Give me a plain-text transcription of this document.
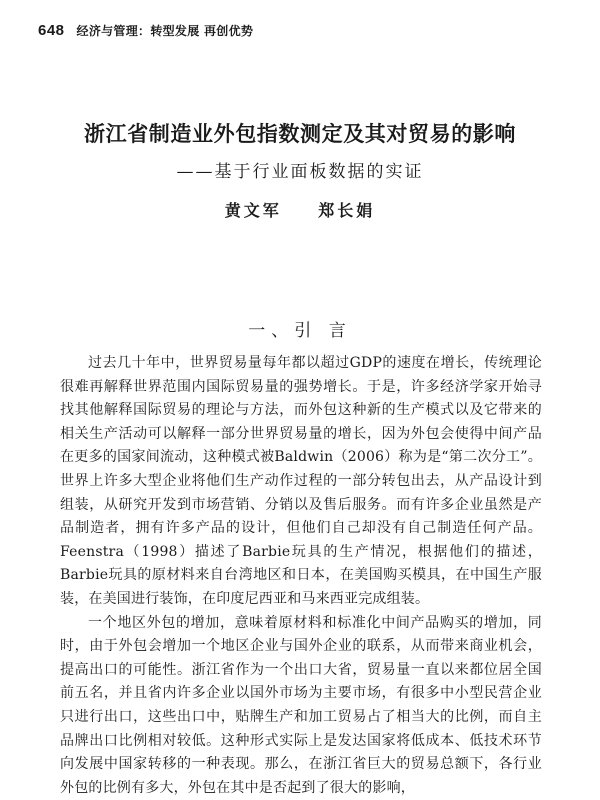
648 经济与管理：转型发展 再创优势
浙江省制造业外包指数测定及其对贸易的影响
——基于行业面板数据的实证
黄文军 郑长娟
一、引 言

过去几十年中，世界贸易量每年都以超过GDP的速度在增长，传统理论很难再解释世界范围内国际贸易量的强势增长。于是，许多经济学家开始寻找其他解释国际贸易的理论与方法，而外包这种新的生产模式以及它带来的相关生产活动可以解释一部分世界贸易量的增长，因为外包会使得中间产品在更多的国家间流动，这种模式被Baldwin（2006）称为是“第二次分工”。世界上许多大型企业将他们生产动作过程的一部分转包出去，从产品设计到组装，从研究开发到市场营销、分销以及售后服务。而有许多企业虽然是产品制造者，拥有许多产品的设计，但他们自己却没有自己制造任何产品。Feenstra（1998）描述了Barbie玩具的生产情况，根据他们的描述，Barbie玩具的原材料来自台湾地区和日本，在美国购买模具，在中国生产服装，在美国进行装饰，在印度尼西亚和马来西亚完成组装。

一个地区外包的增加，意味着原材料和标准化中间产品购买的增加，同时，由于外包会增加一个地区企业与国外企业的联系，从而带来商业机会，提高出口的可能性。浙江省作为一个出口大省，贸易量一直以来都位居全国前五名，并且省内许多企业以国外市场为主要市场，有很多中小型民营企业只进行出口，这些出口中，贴牌生产和加工贸易占了相当大的比例，而自主品牌出口比例相对较低。这种形式实际上是发达国家将低成本、低技术环节向发展中国家转移的一种表现。那么，在浙江省巨大的贸易总额下，各行业外包的比例有多大，外包在其中是否起到了很大的影响，
